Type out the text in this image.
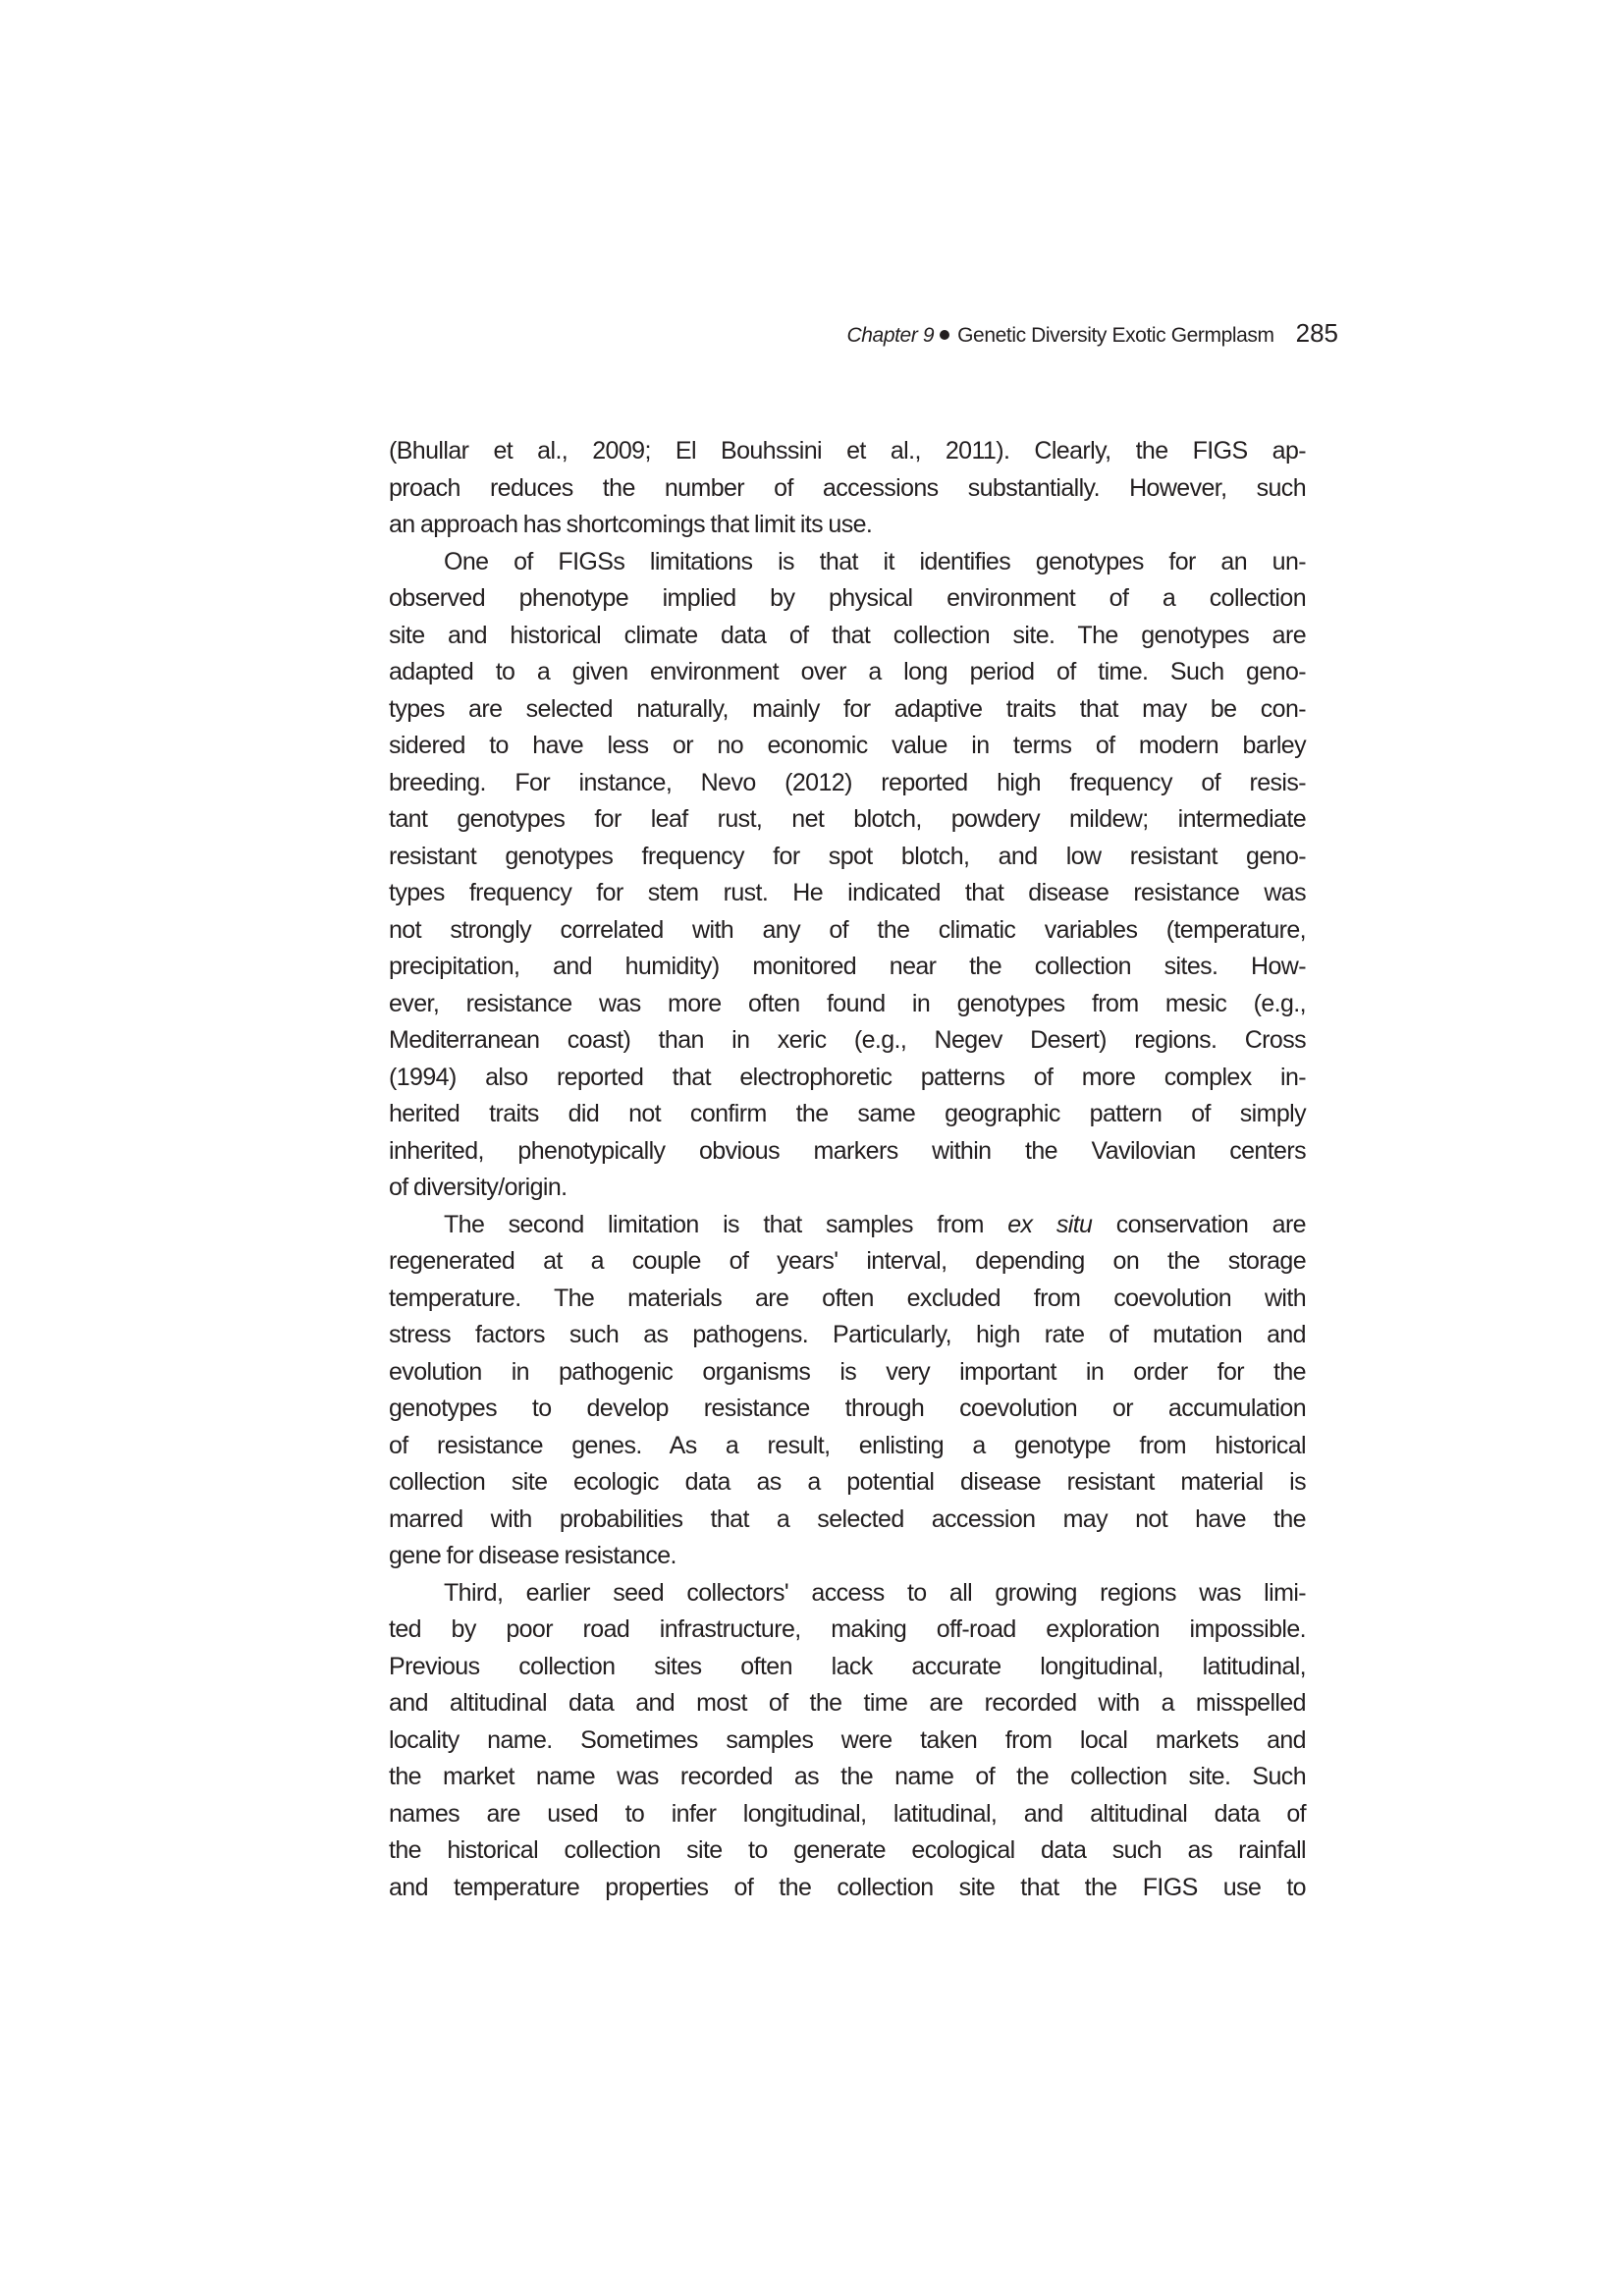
Chapter 9 Genetic Diversity Exotic Germplasm 285
(Bhullar et al., 2009; El Bouhssini et al., 2011). Clearly, the FIGS ap-
proach reduces the number of accessions substantially. However, such
an approach has shortcomings that limit its use.
One of FIGSs limitations is that it identifies genotypes for an un-
observed phenotype implied by physical environment of a collection
site and historical climate data of that collection site. The genotypes are
adapted to a given environment over a long period of time. Such geno-
types are selected naturally, mainly for adaptive traits that may be con-
sidered to have less or no economic value in terms of modern barley
breeding. For instance, Nevo (2012) reported high frequency of resis-
tant genotypes for leaf rust, net blotch, powdery mildew; intermediate
resistant genotypes frequency for spot blotch, and low resistant geno-
types frequency for stem rust. He indicated that disease resistance was
not strongly correlated with any of the climatic variables (temperature,
precipitation, and humidity) monitored near the collection sites. How-
ever, resistance was more often found in genotypes from mesic (e.g.,
Mediterranean coast) than in xeric (e.g., Negev Desert) regions. Cross
(1994) also reported that electrophoretic patterns of more complex in-
herited traits did not confirm the same geographic pattern of simply
inherited, phenotypically obvious markers within the Vavilovian centers
of diversity/origin.
The second limitation is that samples from ex situ conservation are
regenerated at a couple of years' interval, depending on the storage
temperature. The materials are often excluded from coevolution with
stress factors such as pathogens. Particularly, high rate of mutation and
evolution in pathogenic organisms is very important in order for the
genotypes to develop resistance through coevolution or accumulation
of resistance genes. As a result, enlisting a genotype from historical
collection site ecologic data as a potential disease resistant material is
marred with probabilities that a selected accession may not have the
gene for disease resistance.
Third, earlier seed collectors' access to all growing regions was limi-
ted by poor road infrastructure, making off-road exploration impossible.
Previous collection sites often lack accurate longitudinal, latitudinal,
and altitudinal data and most of the time are recorded with a misspelled
locality name. Sometimes samples were taken from local markets and
the market name was recorded as the name of the collection site. Such
names are used to infer longitudinal, latitudinal, and altitudinal data of
the historical collection site to generate ecological data such as rainfall
and temperature properties of the collection site that the FIGS use to
